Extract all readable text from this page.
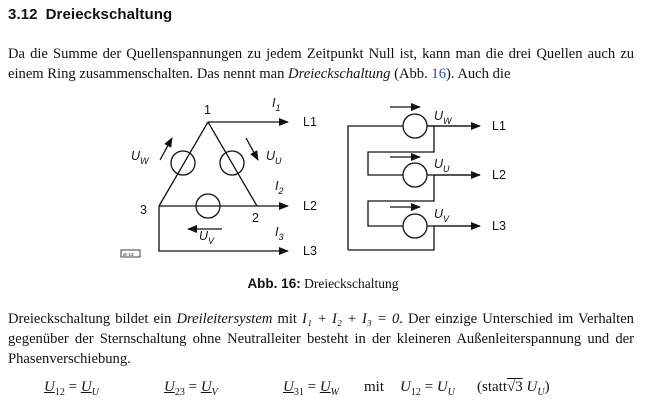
3.12 Dreieckschaltung
Da die Summe der Quellenspannungen zu jedem Zeitpunkt Null ist, kann man die drei Quellen auch zu einem Ring zusammenschalten. Das nennt man Dreieckschaltung (Abb. 16). Auch die
1
2
3
L1
L2
L3
L1
L2
L3
$I_1$
$I_2$
$I_3$
$U_W$	$U_U$
$U_V$
$U_W$
$U_U$
$U_V$
dr-13
Abb. 16: Dreieckschaltung
Dreieckschaltung bildet ein Dreileitersystem mit I₁ + I₂ + I₃ = 0. Der einzige Unterschied im Verhalten gegenüber der Sternschaltung ohne Neutralleiter besteht in der kleineren Außenleiterspannung und der Phasenverschiebung.
$U_{12} = U_U$	$U_{23} = U_V$	$U_{31} = U_W$ mit $U_{12} = U_U$ (statt√3 $U_U$)
